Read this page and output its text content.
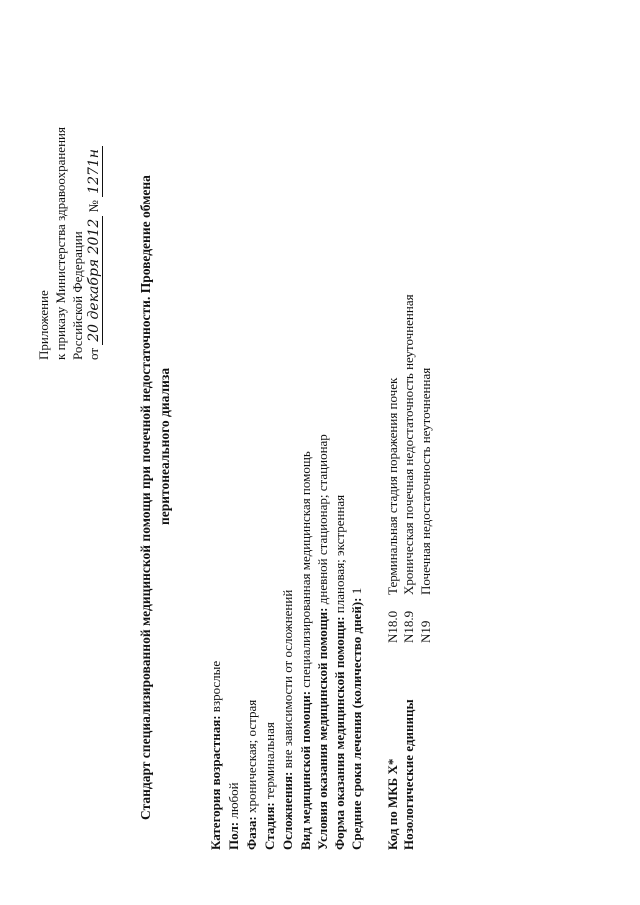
Приложение к приказу Министерства здравоохранения Российской Федерации от 20 декабря 2012 № 1271н
Стандарт специализированной медицинской помощи при почечной недостаточности. Проведение обмена перитонеального диализа
Категория возрастная: взрослые
Пол: любой
Фаза: хроническая; острая
Стадия: терминальная
Осложнения: вне зависимости от осложнений Вид медицинской помощи: специализированная медицинская помощь
Условия оказания медицинской помощи: дневной стационар; стационар
Форма оказания медицинской помощи: плановая; экстренная
Средние сроки лечения (количество дней): 1
Код по МКБ X* Нозологические единицы
N18.0
Терминальная стадия поражения почек
N18.9
Хроническая почечная недостаточность неуточненная
N19
Почечная недостаточность неуточненная
